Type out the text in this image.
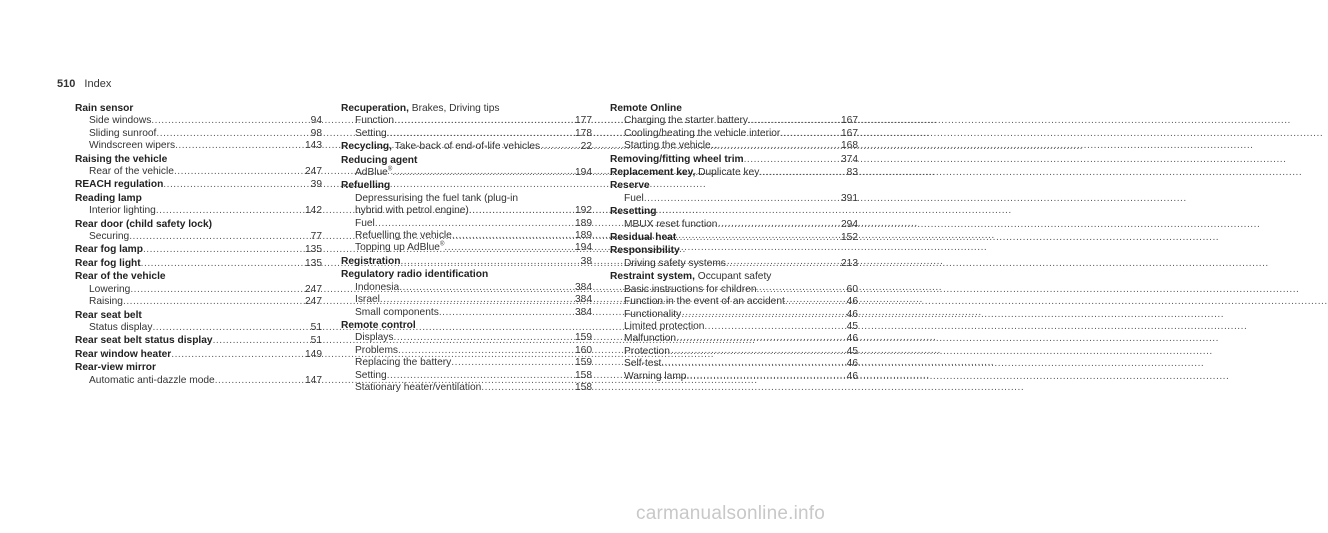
510 Index
Rain sensor
Side windows .....	94
Sliding sunroof .....	98
Windscreen wipers .....	143
Raising the vehicle
Rear of the vehicle .....	247
REACH regulation .....	39
Reading lamp
Interior lighting .....	142
Rear door (child safety lock)
Securing .....	77
Rear fog lamp .....	135
Rear fog light .....	135
Rear of the vehicle
Lowering .....	247
Raising .....	247
Rear seat belt
Status display .....	51
Rear seat belt status display .....	51
Rear window heater .....	149
Rear-view mirror
Automatic anti-dazzle mode .....	147
Recuperation, Brakes, Driving tips
Function .....	177
Setting .....	178
Recycling, Take-back of end-of-life vehicles .....	22
Reducing agent
AdBlue® .....	194
Refuelling
Depressurising the fuel tank (plug-in
hybrid with petrol engine) .....	192
Fuel .....	189
Refuelling the vehicle .....	189
Topping up AdBlue® .....	194
Registration .....	38
Regulatory radio identification
Indonesia .....	384
Israel .....	384
Small components .....	384
Remote control
Displays .....	159
Problems .....	160
Replacing the battery .....	159
Setting .....	158
Stationary heater/ventilation .....	158
Remote Online
Charging the starter battery .....	167
Cooling/heating the vehicle interior .....	167
Starting the vehicle .....	168
Removing/fitting wheel trim .....	374
Replacement key, Duplicate key .....	83
Reserve
Fuel .....	391
Resetting
MBUX reset function .....	294
Residual heat .....	152
Responsibility
Driving safety systems .....	213
Restraint system, Occupant safety
Basic instructions for children .....	60
Function in the event of an accident .....	46
Functionality .....	46
Limited protection .....	45
Malfunction .....	46
Protection .....	45
Self-test .....	46
Warning lamp .....	46
carmanualsonline.info
